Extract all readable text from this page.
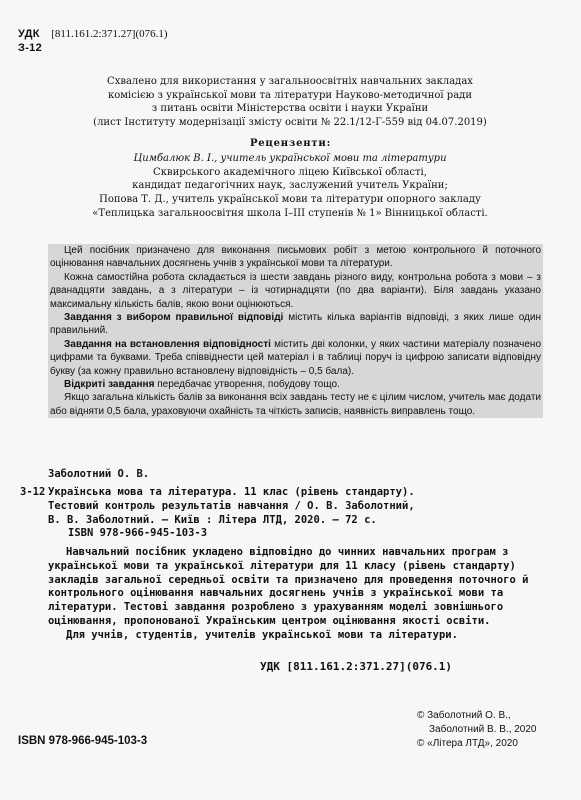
УДК [811.161.2:371.27](076.1)
З-12
Схвалено для використання у загальноосвітніх навчальних закладах
комісією з української мови та літератури Науково-методичної ради
з питань освіти Міністерства освіти і науки України
(лист Інституту модернізації змісту освіти № 22.1/12-Г-559 від 04.07.2019)
Рецензенти:
Цимбалюк В. І., учитель української мови та літератури
Сквирського академічного ліцею Київської області,
кандидат педагогічних наук, заслужений учитель України;
Попова Т. Д., учитель української мови та літератури опорного закладу
«Теплицька загальноосвітня школа І–ІІІ ступенів № 1» Вінницької області.

Цей посібник призначено для виконання письмових робіт з метою контрольного й поточного оцінювання навчальних досягнень учнів з української мови та літератури.

Кожна самостійна робота складається із шести завдань різного виду, контрольна робота з мови – з дванадцяти завдань, а з літератури – із чотирнадцяти (по два варіанти). Біля завдань указано максимальну кількість балів, якою вони оцінюються.

Завдання з вибором правильної відповіді містить кілька варіантів відповіді, з яких лише один правильний.

Завдання на встановлення відповідності містить дві колонки, у яких частини матеріалу позначено цифрами та буквами. Треба співвіднести цей матеріал і в таблиці поруч із цифрою записати відповідну букву (за кожну правильно встановлену відповідність – 0,5 бала).

Відкриті завдання передбачає утворення, побудову тощо.

Якщо загальна кількість балів за виконання всіх завдань тесту не є цілим числом, учитель має додати або відняти 0,5 бала, ураховуючи охайність та чіткість записів, наявність виправлень тощо.

Заболотний О. В.
З-12 Українська мова та література. 11 клас (рівень стандарту).
Тестовий контроль результатів навчання / О. В. Заболотний,
В. В. Заболотний. – Київ : Літера ЛТД, 2020. – 72 с.
ISBN 978-966-945-103-3

Навчальний посібник укладено відповідно до чинних навчальних програм з української мови та української літератури для 11 класу (рівень стандарту) закладів загальної середньої освіти та призначено для проведення поточного й контрольного оцінювання навчальних досягнень учнів з української мови та літератури. Тестові завдання розроблено з урахуванням моделі зовнішнього оцінювання, пропонованої Українським центром оцінювання якості освіти.

Для учнів, студентів, учителів української мови та літератури.

УДК [811.161.2:371.27](076.1)
ISBN 978-966-945-103-3
© Заболотний О. В.,
Заболотний В. В., 2020
© «Літера ЛТД», 2020
